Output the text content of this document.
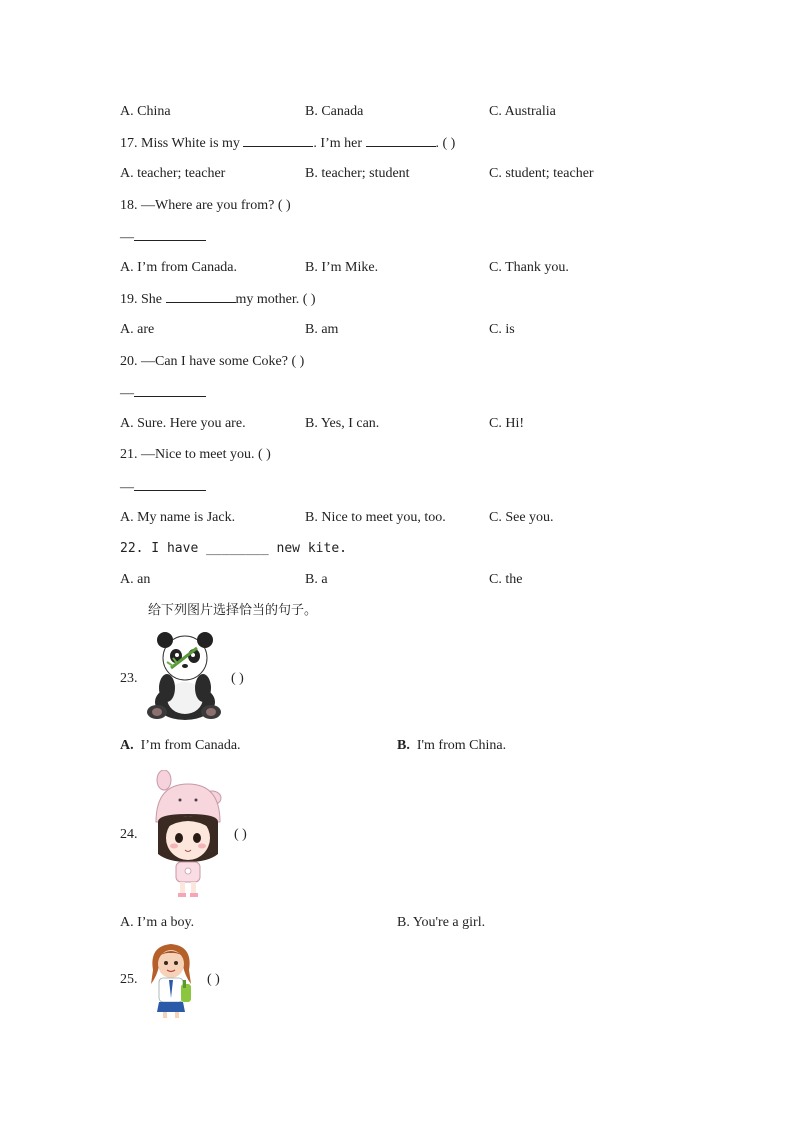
A. China	B. Canada	C. Australia
17. Miss White is my	. I’m her	. ( )
A. teacher; teacher	B. teacher; student	C. student; teacher
18. —Where are you from? ( )
—
A. I’m from Canada.	B. I’m Mike.	C. Thank you.
19. She	my mother. ( )
A. are	B. am	C. is
20. —Can I have some Coke? ( )
—
A. Sure. Here you are.	B. Yes, I can.	C. Hi!
21. —Nice to meet you. ( )
—
A. My name is Jack.	B. Nice to meet you, too.	C. See you.
22. I have ________ new kite.
A. an	B. a	C. the
给下列图片选择恰当的句子。
23.	( )
A. I’m from Canada.	B. I'm from China.
24.	( )
A. I’m a boy.	B. You're a girl.
25.	( )
